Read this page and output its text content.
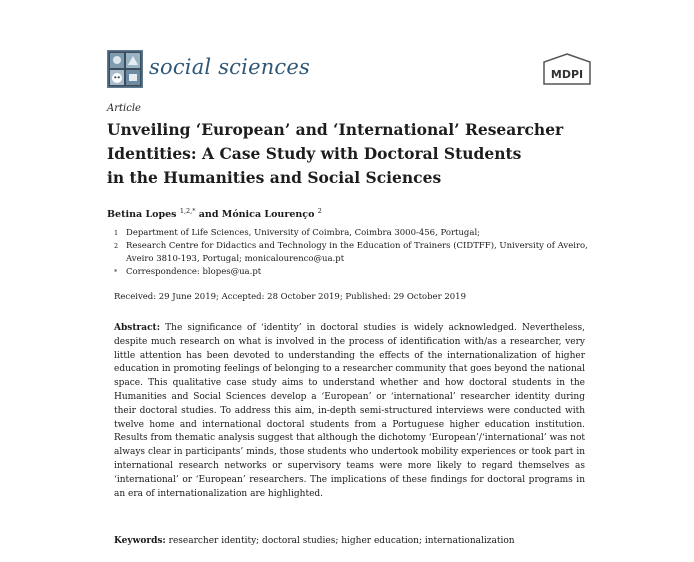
social sciences	MDPI
Article
Unveiling ‘European’ and ‘International’ Researcher
Identities: A Case Study with Doctoral Students
in the Humanities and Social Sciences
Betina Lopes $^{1,2,*}$ and Mónica Lourenço $^2$
1 Department of Life Sciences, University of Coimbra, Coimbra 3000-456, Portugal;
2 Research Centre for Didactics and Technology in the Education of Trainers (CIDTFF), University of Aveiro, Aveiro 3810-193, Portugal; monicalourenco@ua.pt
* Correspondence: blopes@ua.pt
Received: 29 June 2019; Accepted: 28 October 2019; Published: 29 October 2019

Abstract: The significance of ‘identity’ in doctoral studies is widely acknowledged. Nevertheless, despite much research on what is involved in the process of identification with/as a researcher, very little attention has been devoted to understanding the effects of the internationalization of higher education in promoting feelings of belonging to a researcher community that goes beyond the national space. This qualitative case study aims to understand whether and how doctoral students in the Humanities and Social Sciences develop a ‘European’ or ‘international’ researcher identity during their doctoral studies. To address this aim, in-depth semi-structured interviews were conducted with twelve home and international doctoral students from a Portuguese higher education institution. Results from thematic analysis suggest that although the dichotomy ‘European’/‘international’ was not always clear in participants’ minds, those students who undertook mobility experiences or took part in international research networks or supervisory teams were more likely to regard themselves as ‘international’ or ‘European’ researchers. The implications of these findings for doctoral programs in an era of internationalization are highlighted.

Keywords: researcher identity; doctoral studies; higher education; internationalization
